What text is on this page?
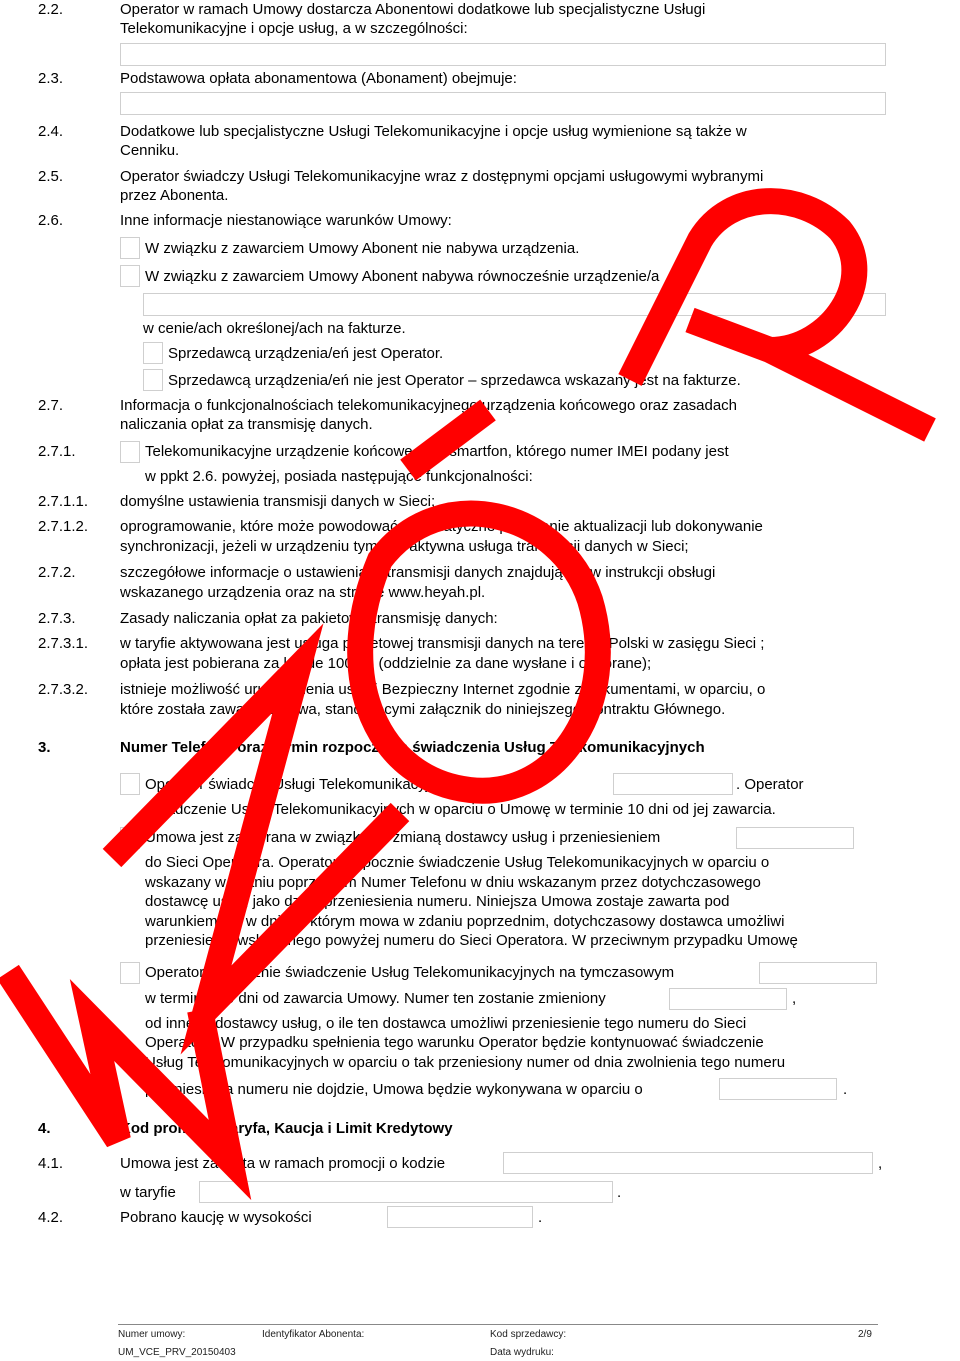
2.2.	Operator w ramach Umowy dostarcza Abonentowi dodatkowe lub specjalistyczne Usługi
Telekomunikacyjne i opcje usług, a w szczególności:
2.3.	Podstawowa opłata abonamentowa (Abonament) obejmuje:
2.4.	Dodatkowe lub specjalistyczne Usługi Telekomunikacyjne i opcje usług wymienione są także w
Cenniku.
2.5.	Operator świadczy Usługi Telekomunikacyjne wraz z dostępnymi opcjami usługowymi wybranymi
przez Abonenta.
2.6.	Inne informacje niestanowiące warunków Umowy:
W związku z zawarciem Umowy Abonent nie nabywa urządzenia.
W związku z zawarciem Umowy Abonent nabywa równocześnie urządzenie/a
w cenie/ach określonej/ach na fakturze.
Sprzedawcą urządzenia/eń jest Operator.
Sprzedawcą urządzenia/eń nie jest Operator – sprzedawca wskazany jest na fakturze.
2.7.	Informacja o funkcjonalnościach telekomunikacyjnego urządzenia końcowego oraz zasadach
naliczania opłat za transmisję danych.
2.7.1.	Telekomunikacyjne urządzenie końcowe typu smartfon, którego numer IMEI podany jest
w ppkt 2.6. powyżej, posiada następujące funkcjonalności:
2.7.1.1. domyślne ustawienia transmisji danych w Sieci;
2.7.1.2. oprogramowanie, które może powodować automatyczne pobieranie aktualizacji lub dokonywanie
synchronizacji, jeżeli w urządzeniu tym jest aktywna usługa transmisji danych w Sieci;
2.7.2.	szczegółowe informacje o ustawieniach transmisji danych znajdują się w instrukcji obsługi
wskazanego urządzenia oraz na stronie www.heyah.pl.
2.7.3.	Zasady naliczania opłat za pakietową transmisję danych:
2.7.3.1. w taryfie aktywowana jest usługa pakietowej transmisji danych na terenie Polski w zasięgu Sieci ;
opłata jest pobierana za każde 100 kB (oddzielnie za dane wysłane i odebrane);
2.7.3.2. istnieje możliwość uruchomienia usługi Bezpieczny Internet zgodnie z dokumentami, w oparciu, o
które została zawarta Umowa, stanowiącymi załącznik do niniejszego Kontraktu Głównego.
3.	Numer Telefonu oraz termin rozpoczęcia świadczenia Usług Telekomunikacyjnych
Operator świadczy Usługi Telekomunikacyjne w oparciu o	. Operator
świadczenie Usług Telekomunikacyjnych w oparciu o Umowę w terminie 10 dni od jej zawarcia.
Umowa jest zawierana w związku ze zmianą dostawcy usług i przeniesieniem
do Sieci Operatora. Operator rozpocznie świadczenie Usług Telekomunikacyjnych w oparciu o
wskazany w zdaniu poprzednim Numer Telefonu w dniu wskazanym przez dotychczasowego
dostawcę usług jako dzień przeniesienia numeru. Niniejsza Umowa zostaje zawarta pod
warunkiem, że w dniu, o którym mowa w zdaniu poprzednim, dotychczasowy dostawca umożliwi
przeniesienie wskazanego powyżej numeru do Sieci Operatora. W przeciwnym przypadku Umowę
Operator rozpocznie świadczenie Usług Telekomunikacyjnych na tymczasowym
w terminie 10 dni od zawarcia Umowy. Numer ten zostanie zmieniony	,
od innego dostawcy usług, o ile ten dostawca umożliwi przeniesienie tego numeru do Sieci
Operatora. W przypadku spełnienia tego warunku Operator będzie kontynuować świadczenie
Usług Telekomunikacyjnych w oparciu o tak przeniesiony numer od dnia zwolnienia tego numeru
przeniesienia numeru nie dojdzie, Umowa będzie wykonywana w oparciu o	.
4.	Kod promocji, taryfa, Kaucja i Limit Kredytowy
4.1.	Umowa jest zawarta w ramach promocji o kodzie	,
w taryfie	.
4.2.	Pobrano kaucję w wysokości	.
Numer umowy:	Identyfikator Abonenta:	Kod sprzedawcy:	2/9
UM_VCE_PRV_20150403	Data wydruku:
